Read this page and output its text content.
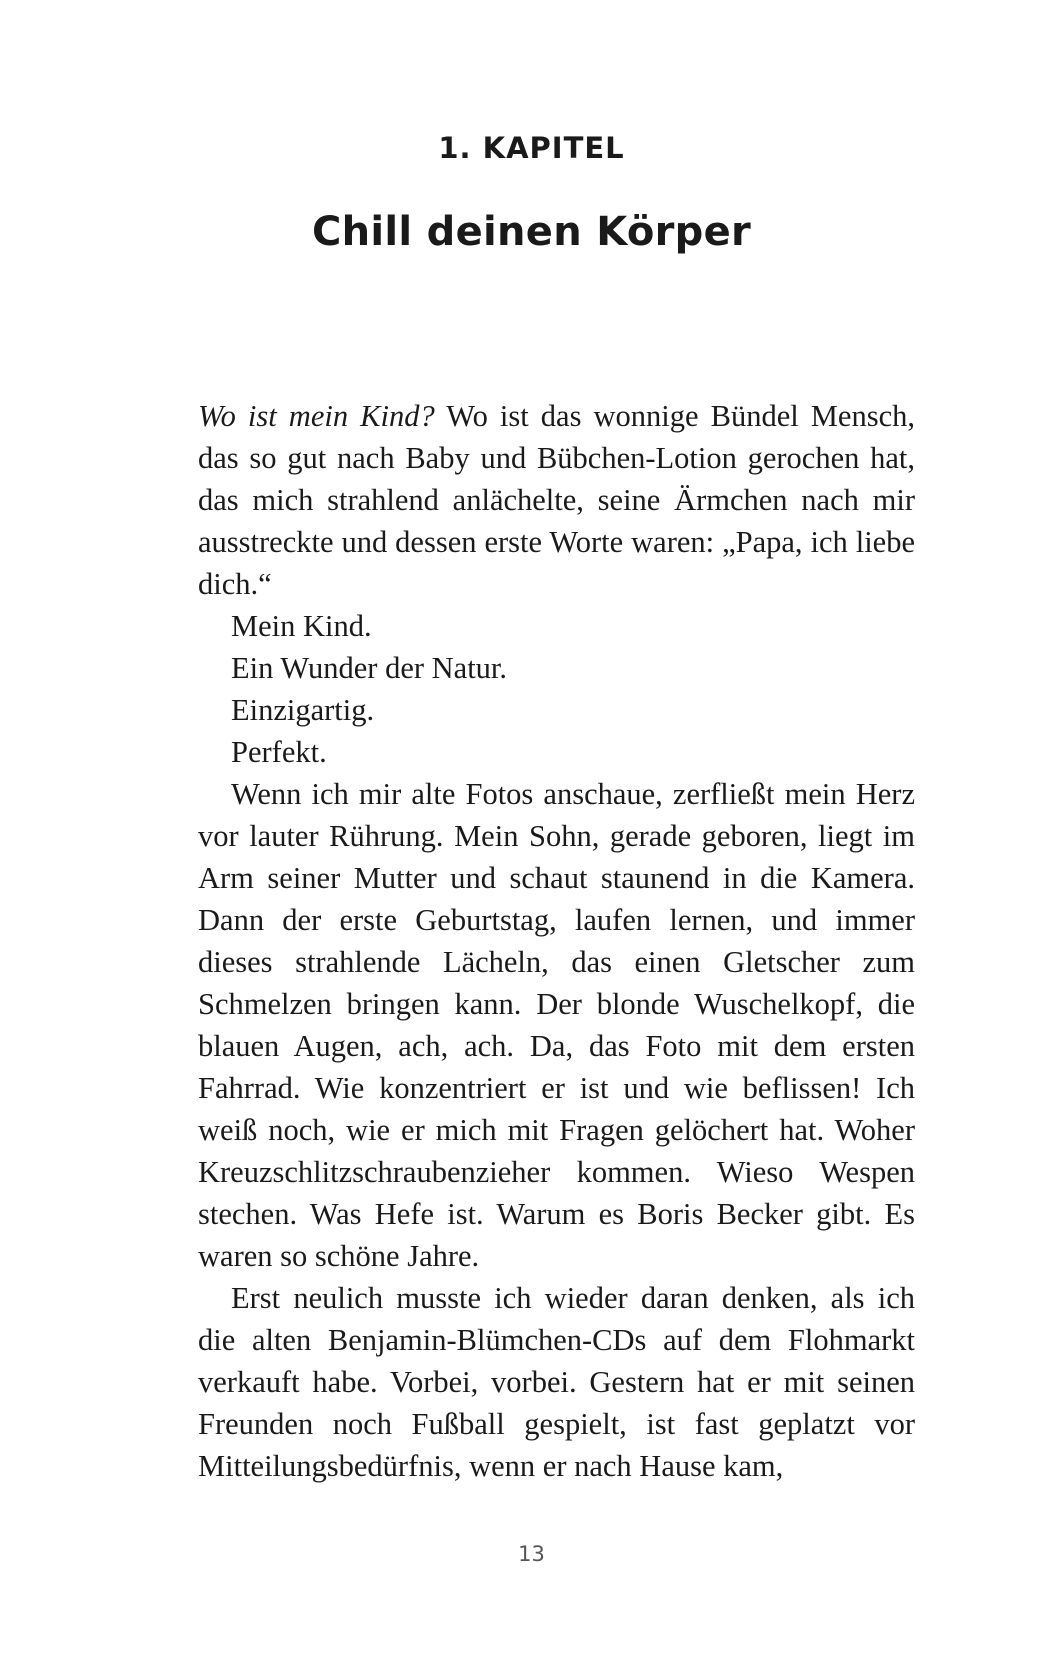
1. KAPITEL
Chill deinen Körper

Wo ist mein Kind? Wo ist das wonnige Bündel Mensch, das so gut nach Baby und Bübchen-Lotion gerochen hat, das mich strahlend anlächelte, seine Ärmchen nach mir ausstreckte und dessen erste Worte waren: „Papa, ich liebe dich.“

Mein Kind.

Ein Wunder der Natur.

Einzigartig.

Perfekt.

Wenn ich mir alte Fotos anschaue, zerfließt mein Herz vor lauter Rührung. Mein Sohn, gerade geboren, liegt im Arm seiner Mutter und schaut staunend in die Kamera. Dann der erste Geburtstag, laufen lernen, und immer dieses strahlende Lächeln, das einen Gletscher zum Schmelzen bringen kann. Der blonde Wuschelkopf, die blauen Augen, ach, ach. Da, das Foto mit dem ersten Fahrrad. Wie konzentriert er ist und wie beflissen! Ich weiß noch, wie er mich mit Fragen gelöchert hat. Woher Kreuzschlitzschraubenzieher kommen. Wieso Wespen stechen. Was Hefe ist. Warum es Boris Becker gibt. Es waren so schöne Jahre.

Erst neulich musste ich wieder daran denken, als ich die alten Benjamin-Blümchen-CDs auf dem Flohmarkt verkauft habe. Vorbei, vorbei. Gestern hat er mit seinen Freunden noch Fußball gespielt, ist fast geplatzt vor Mitteilungsbedürfnis, wenn er nach Hause kam,

13
